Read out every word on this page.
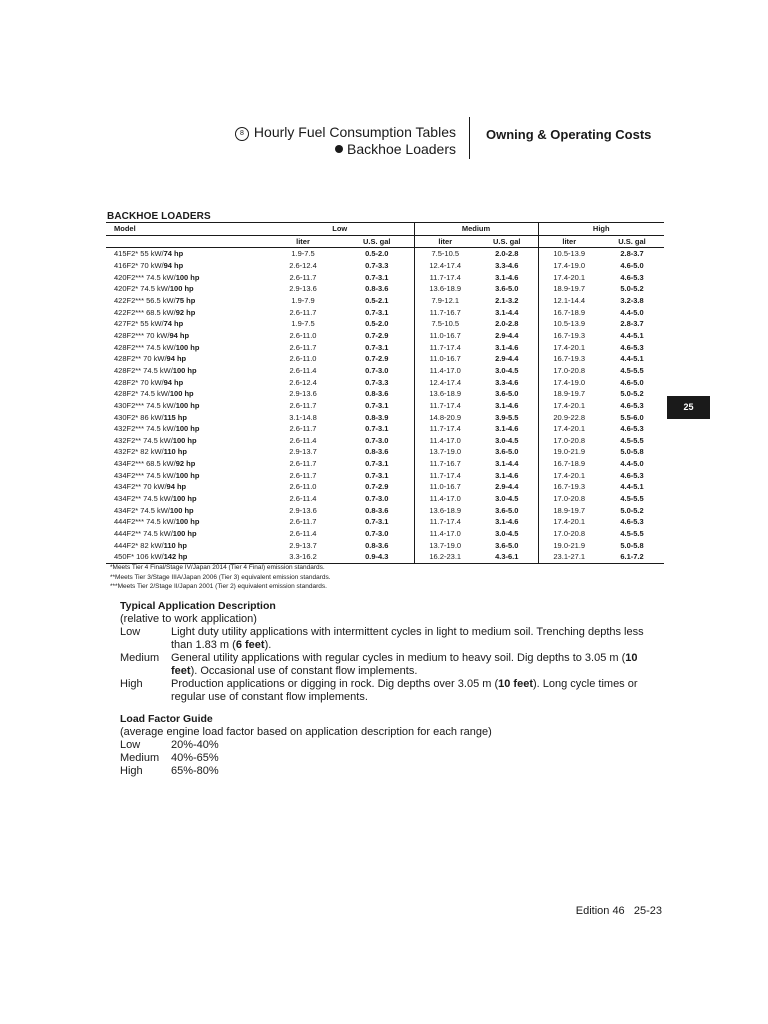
8 Hourly Fuel Consumption Tables
Backhoe Loaders
Owning & Operating Costs
BACKHOE LOADERS
Model	Low		Medium		High	
	liter	U.S. gal	liter	U.S. gal	liter	U.S. gal
415F2* 55 kW/74 hp	1.9-7.5	0.5-2.0	7.5-10.5	2.0-2.8	10.5-13.9	2.8-3.7
416F2* 70 kW/94 hp	2.6-12.4	0.7-3.3	12.4-17.4	3.3-4.6	17.4-19.0	4.6-5.0
420F2*** 74.5 kW/100 hp	2.6-11.7	0.7-3.1	11.7-17.4	3.1-4.6	17.4-20.1	4.6-5.3
420F2* 74.5 kW/100 hp	2.9-13.6	0.8-3.6	13.6-18.9	3.6-5.0	18.9-19.7	5.0-5.2
422F2*** 56.5 kW/75 hp	1.9-7.9	0.5-2.1	7.9-12.1	2.1-3.2	12.1-14.4	3.2-3.8
422F2*** 68.5 kW/92 hp	2.6-11.7	0.7-3.1	11.7-16.7	3.1-4.4	16.7-18.9	4.4-5.0
427F2* 55 kW/74 hp	1.9-7.5	0.5-2.0	7.5-10.5	2.0-2.8	10.5-13.9	2.8-3.7
428F2*** 70 kW/94 hp	2.6-11.0	0.7-2.9	11.0-16.7	2.9-4.4	16.7-19.3	4.4-5.1
428F2*** 74.5 kW/100 hp	2.6-11.7	0.7-3.1	11.7-17.4	3.1-4.6	17.4-20.1	4.6-5.3
428F2** 70 kW/94 hp	2.6-11.0	0.7-2.9	11.0-16.7	2.9-4.4	16.7-19.3	4.4-5.1
428F2** 74.5 kW/100 hp	2.6-11.4	0.7-3.0	11.4-17.0	3.0-4.5	17.0-20.8	4.5-5.5
428F2* 70 kW/94 hp	2.6-12.4	0.7-3.3	12.4-17.4	3.3-4.6	17.4-19.0	4.6-5.0
428F2* 74.5 kW/100 hp	2.9-13.6	0.8-3.6	13.6-18.9	3.6-5.0	18.9-19.7	5.0-5.2
430F2*** 74.5 kW/100 hp	2.6-11.7	0.7-3.1	11.7-17.4	3.1-4.6	17.4-20.1	4.6-5.3
430F2* 86 kW/115 hp	3.1-14.8	0.8-3.9	14.8-20.9	3.9-5.5	20.9-22.8	5.5-6.0
432F2*** 74.5 kW/100 hp	2.6-11.7	0.7-3.1	11.7-17.4	3.1-4.6	17.4-20.1	4.6-5.3
432F2** 74.5 kW/100 hp	2.6-11.4	0.7-3.0	11.4-17.0	3.0-4.5	17.0-20.8	4.5-5.5
432F2* 82 kW/110 hp	2.9-13.7	0.8-3.6	13.7-19.0	3.6-5.0	19.0-21.9	5.0-5.8
434F2*** 68.5 kW/92 hp	2.6-11.7	0.7-3.1	11.7-16.7	3.1-4.4	16.7-18.9	4.4-5.0
434F2*** 74.5 kW/100 hp	2.6-11.7	0.7-3.1	11.7-17.4	3.1-4.6	17.4-20.1	4.6-5.3
434F2** 70 kW/94 hp	2.6-11.0	0.7-2.9	11.0-16.7	2.9-4.4	16.7-19.3	4.4-5.1
434F2** 74.5 kW/100 hp	2.6-11.4	0.7-3.0	11.4-17.0	3.0-4.5	17.0-20.8	4.5-5.5
434F2* 74.5 kW/100 hp	2.9-13.6	0.8-3.6	13.6-18.9	3.6-5.0	18.9-19.7	5.0-5.2
444F2*** 74.5 kW/100 hp	2.6-11.7	0.7-3.1	11.7-17.4	3.1-4.6	17.4-20.1	4.6-5.3
444F2** 74.5 kW/100 hp	2.6-11.4	0.7-3.0	11.4-17.0	3.0-4.5	17.0-20.8	4.5-5.5
444F2* 82 kW/110 hp	2.9-13.7	0.8-3.6	13.7-19.0	3.6-5.0	19.0-21.9	5.0-5.8
450F* 106 kW/142 hp	3.3-16.2	0.9-4.3	16.2-23.1	4.3-6.1	23.1-27.1	6.1-7.2
*Meets Tier 4 Final/Stage IV/Japan 2014 (Tier 4 Final) emission standards.
**Meets Tier 3/Stage IIIA/Japan 2006 (Tier 3) equivalent emission standards.
***Meets Tier 2/Stage II/Japan 2001 (Tier 2) equivalent emission standards.
Typical Application Description
(relative to work application)
Low	Light duty utility applications with intermittent cycles in light to medium soil. Trenching depths less than 1.83 m (6 feet).
Medium	General utility applications with regular cycles in medium to heavy soil. Dig depths to 3.05 m (10 feet). Occasional use of constant flow implements.
High	Production applications or digging in rock. Dig depths over 3.05 m (10 feet). Long cycle times or regular use of constant flow implements.
Load Factor Guide
(average engine load factor based on application description for each range)
Low	20%-40%
Medium	40%-65%
High	65%-80%
25
Edition 46 25-23
